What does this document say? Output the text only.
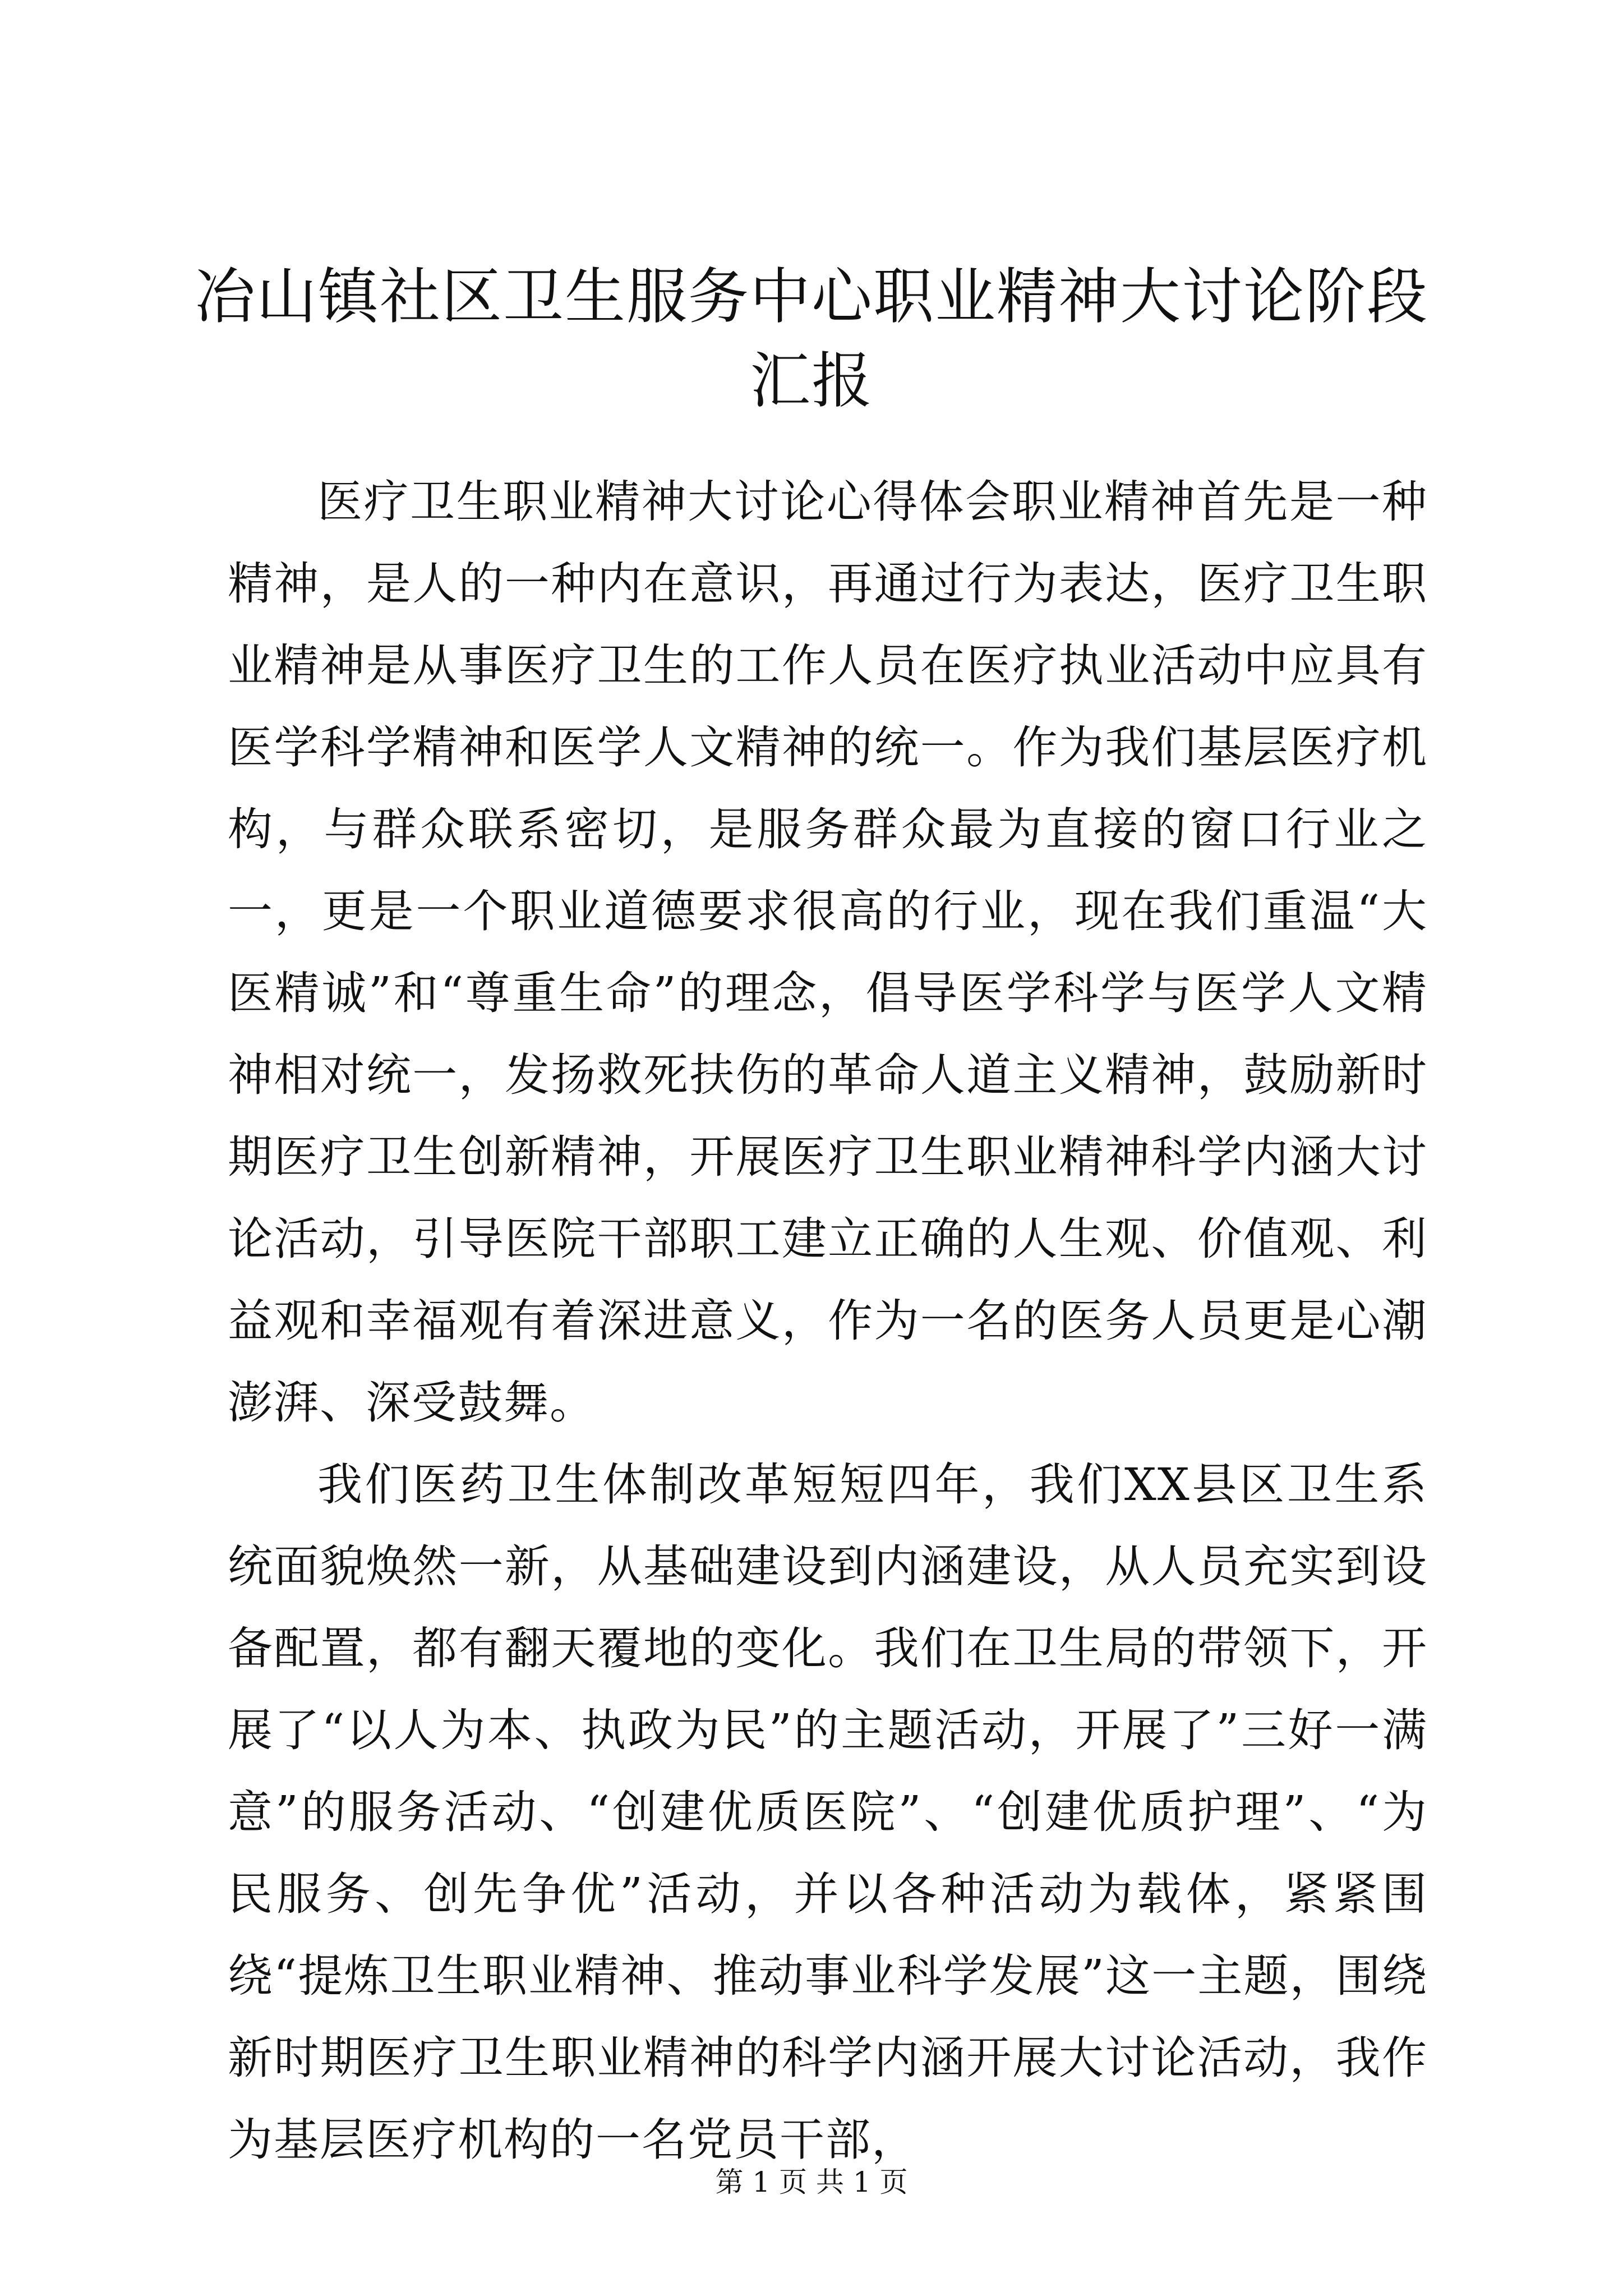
冶山镇社区卫生服务中心职业精神大讨论阶段
汇报

医疗卫生职业精神大讨论心得体会职业精神首先是一种精神，是人的一种内在意识，再通过行为表达，医疗卫生职业精神是从事医疗卫生的工作人员在医疗执业活动中应具有医学科学精神和医学人文精神的统一。作为我们基层医疗机构，与群众联系密切，是服务群众最为直接的窗口行业之一，更是一个职业道德要求很高的行业，现在我们重温“大医精诚”和“尊重生命”的理念，倡导医学科学与医学人文精神相对统一，发扬救死扶伤的革命人道主义精神，鼓励新时期医疗卫生创新精神，开展医疗卫生职业精神科学内涵大讨论活动，引导医院干部职工建立正确的人生观、价值观、利益观和幸福观有着深进意义，作为一名的医务人员更是心潮澎湃、深受鼓舞。

我们医药卫生体制改革短短四年，我们XX县区卫生系统面貌焕然一新，从基础建设到内涵建设，从人员充实到设备配置，都有翻天覆地的变化。我们在卫生局的带领下，开展了“以人为本、执政为民”的主题活动，开展了”三好一满意”的服务活动、“创建优质医院”、“创建优质护理”、“为民服务、创先争优”活动，并以各种活动为载体，紧紧围绕“提炼卫生职业精神、推动事业科学发展”这一主题，围绕新时期医疗卫生职业精神的科学内涵开展大讨论活动，我作为基层医疗机构的一名党员干部，

第 1 页 共 1 页
